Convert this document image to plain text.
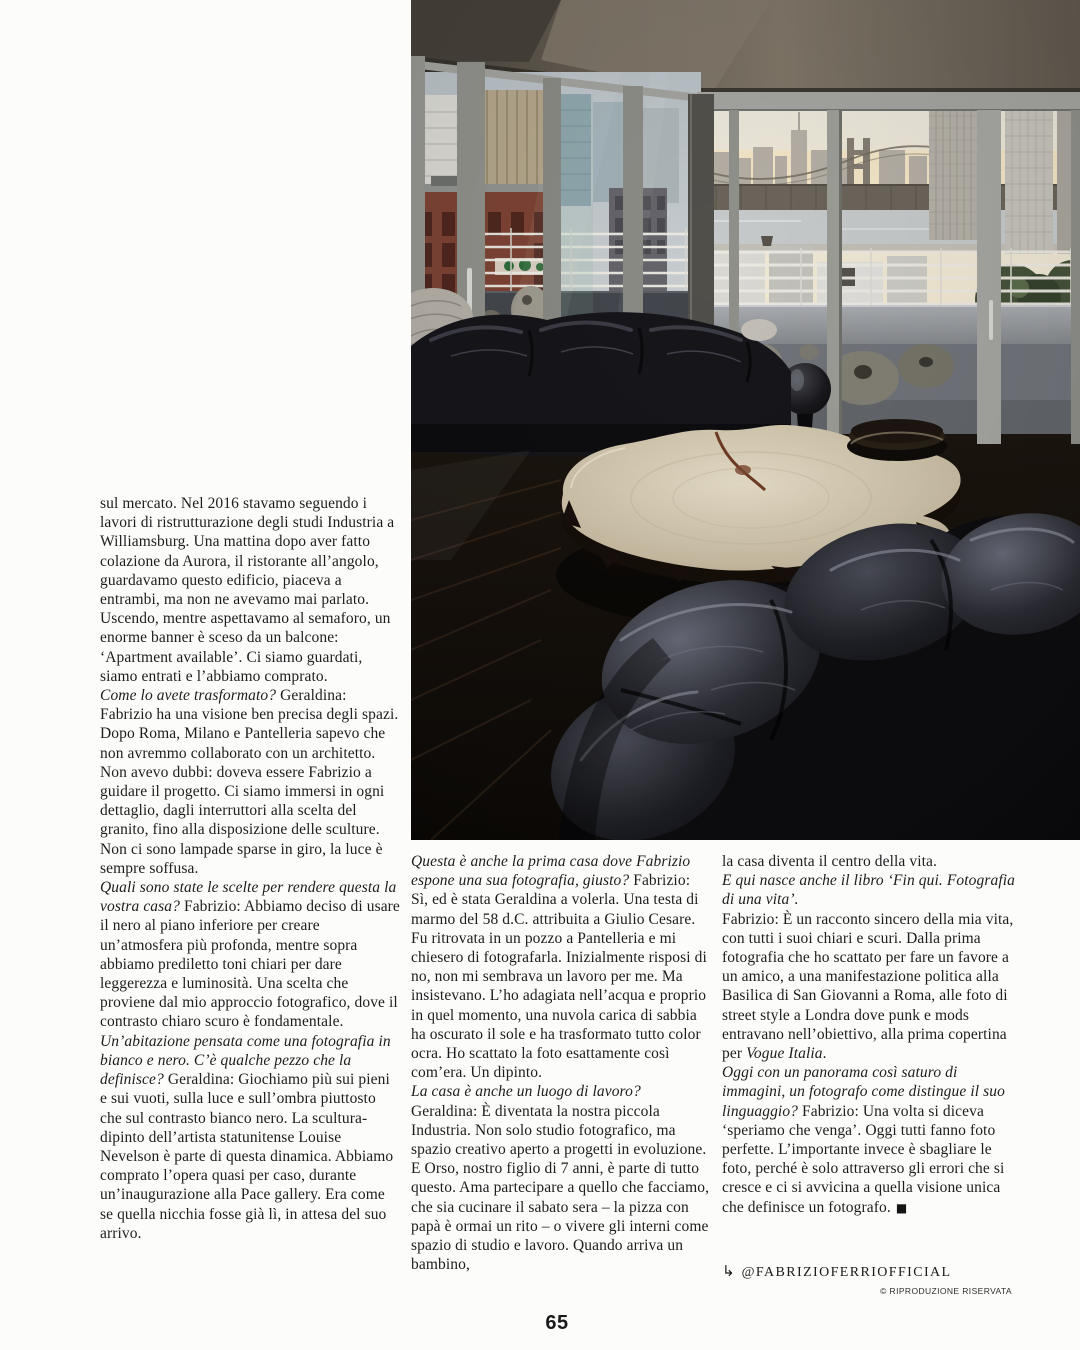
sul mercato. Nel 2016 stavamo seguendo i lavori di ristrutturazione degli studi Industria a Williamsburg. Una mattina dopo aver fatto colazione da Aurora, il ristorante all’angolo, guardavamo questo edificio, piaceva a entrambi, ma non ne avevamo mai parlato. Uscendo, mentre aspettavamo al semaforo, un enorme banner è sceso da un balcone: ‘Apartment available’. Ci siamo guardati, siamo entrati e l’abbiamo comprato.

Come lo avete trasformato? Geraldina: Fabrizio ha una visione ben precisa degli spazi. Dopo Roma, Milano e Pantelleria sapevo che non avremmo collaborato con un architetto. Non avevo dubbi: doveva essere Fabrizio a guidare il progetto. Ci siamo immersi in ogni dettaglio, dagli interruttori alla scelta del granito, fino alla disposizione delle sculture. Non ci sono lampade sparse in giro, la luce è sempre soffusa.

Quali sono state le scelte per rendere questa la vostra casa? Fabrizio: Abbiamo deciso di usare il nero al piano inferiore per creare un’atmosfera più profonda, mentre sopra abbiamo prediletto toni chiari per dare leggerezza e luminosità. Una scelta che proviene dal mio approccio fotografico, dove il contrasto chiaro scuro è fondamentale.

Un’abitazione pensata come una fotografia in bianco e nero. C’è qualche pezzo che la definisce? Geraldina: Giochiamo più sui pieni e sui vuoti, sulla luce e sull’ombra piuttosto che sul contrasto bianco nero. La scultura-dipinto dell’artista statunitense Louise Nevelson è parte di questa dinamica. Abbiamo comprato l’opera quasi per caso, durante un’inaugurazione alla Pace gallery. Era come se quella nicchia fosse già lì, in attesa del suo arrivo.

Questa è anche la prima casa dove Fabrizio espone una sua fotografia, giusto? Fabrizio: Sì, ed è stata Geraldina a volerla. Una testa di marmo del 58 d.C. attribuita a Giulio Cesare. Fu ritrovata in un pozzo a Pantelleria e mi chiesero di fotografarla. Inizialmente risposi di no, non mi sembrava un lavoro per me. Ma insistevano. L’ho adagiata nell’acqua e proprio in quel momento, una nuvola carica di sabbia ha oscurato il sole e ha trasformato tutto color ocra. Ho scattato la foto esattamente così com’era. Un dipinto.

La casa è anche un luogo di lavoro? Geraldina: È diventata la nostra piccola Industria. Non solo studio fotografico, ma spazio creativo aperto a progetti in evoluzione. E Orso, nostro figlio di 7 anni, è parte di tutto questo. Ama partecipare a quello che facciamo, che sia cucinare il sabato sera – la pizza con papà è ormai un rito – o vivere gli interni come spazio di studio e lavoro. Quando arriva un bambino,

la casa diventa il centro della vita.

E qui nasce anche il libro ‘Fin qui. Fotografia di una vita’.

Fabrizio: È un racconto sincero della mia vita, con tutti i suoi chiari e scuri. Dalla prima fotografia che ho scattato per fare un favore a un amico, a una manifestazione politica alla Basilica di San Giovanni a Roma, alle foto di street style a Londra dove punk e mods entravano nell’obiettivo, alla prima copertina per Vogue Italia.

Oggi con un panorama così saturo di immagini, un fotografo come distingue il suo linguaggio? Fabrizio: Una volta si diceva ‘speriamo che venga’. Oggi tutti fanno foto perfette. L’importante invece è sbagliare le foto, perché è solo attraverso gli errori che si cresce e ci si avvicina a quella visione unica che definisce un fotografo. ■

↳ @FABRIZIOFERRIOFFICIAL
© RIPRODUZIONE RISERVATA
65
